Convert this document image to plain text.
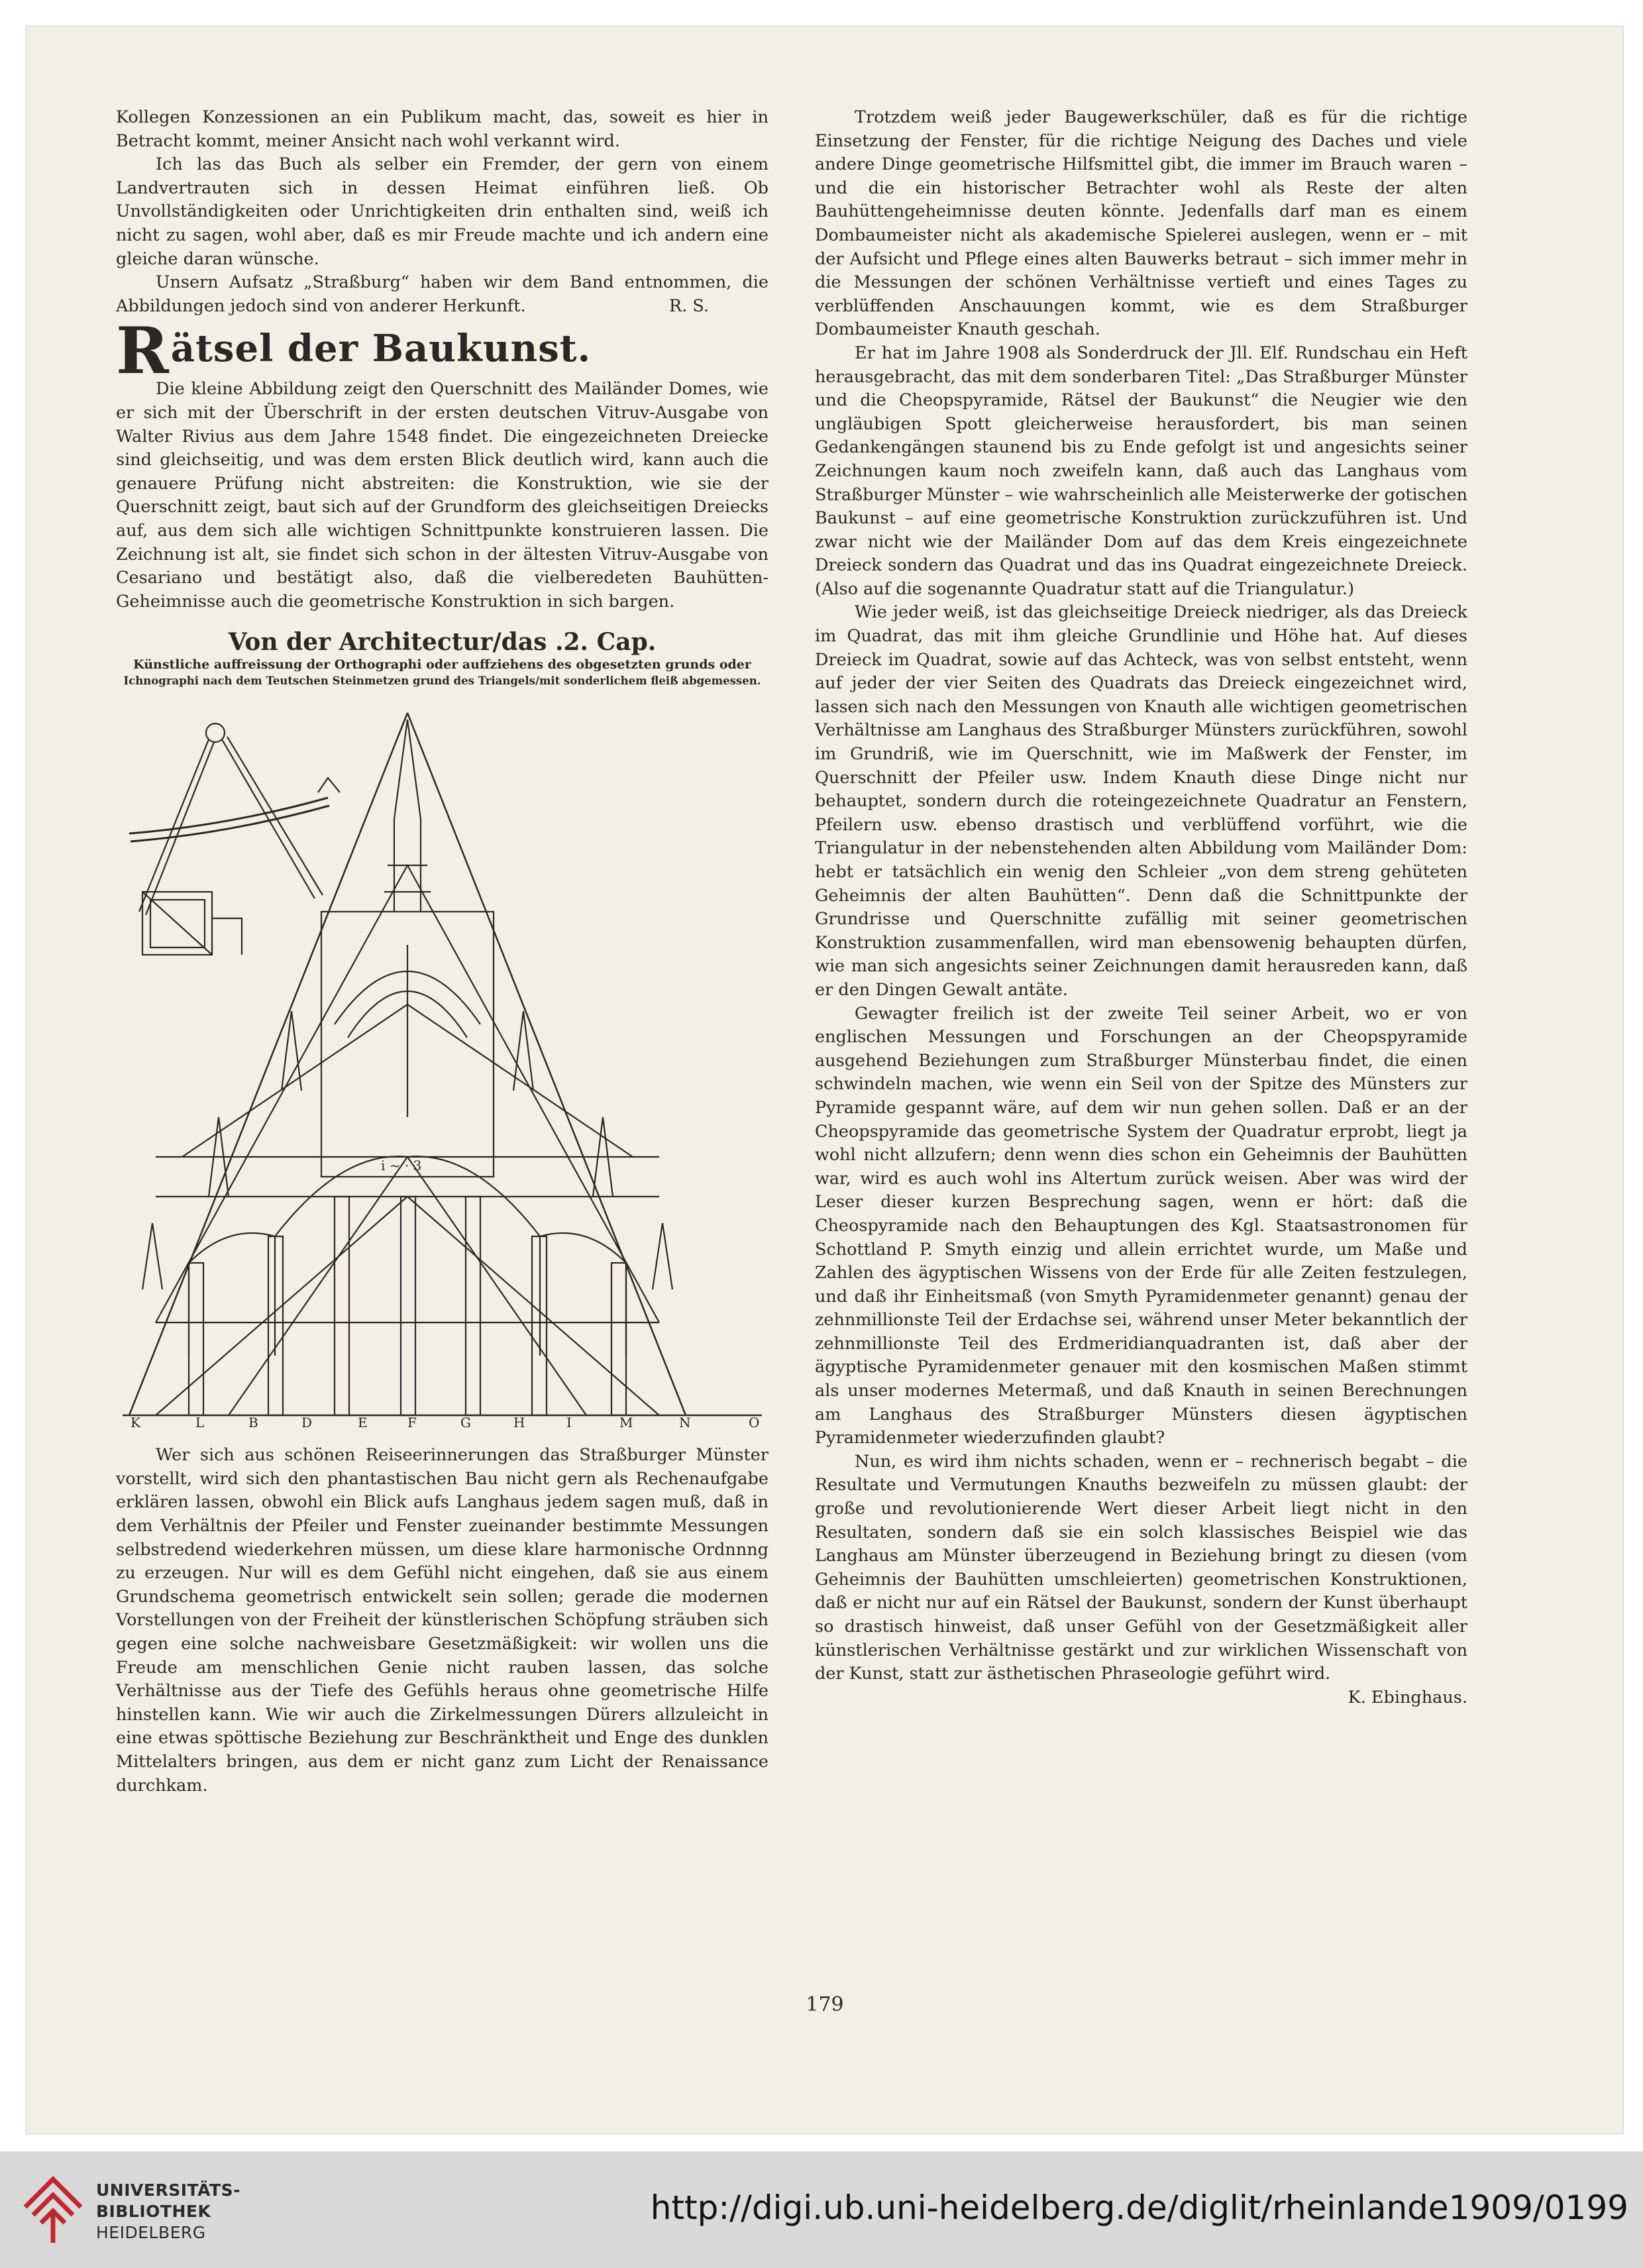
Kollegen Konzessionen an ein Publikum macht, das, soweit es hier in Betracht kommt, meiner Ansicht nach wohl verkannt wird.

Ich las das Buch als selber ein Fremder, der gern von einem Landvertrauten sich in dessen Heimat einführen ließ. Ob Unvollständigkeiten oder Unrichtigkeiten drin enthalten sind, weiß ich nicht zu sagen, wohl aber, daß es mir Freude machte und ich andern eine gleiche daran wünsche.

Unsern Aufsatz „Straßburg“ haben wir dem Band entnommen, die Abbildungen jedoch sind von anderer Herkunft.	R. S.

Rätsel der Baukunst.

Die kleine Abbildung zeigt den Querschnitt des Mailänder Domes, wie er sich mit der Überschrift in der ersten deutschen Vitruv-Ausgabe von Walter Rivius aus dem Jahre 1548 findet. Die eingezeichneten Dreiecke sind gleichseitig, und was dem ersten Blick deutlich wird, kann auch die genauere Prüfung nicht abstreiten: die Konstruktion, wie sie der Querschnitt zeigt, baut sich auf der Grundform des gleichseitigen Dreiecks auf, aus dem sich alle wichtigen Schnittpunkte konstruieren lassen. Die Zeichnung ist alt, sie findet sich schon in der ältesten Vitruv-Ausgabe von Cesariano und bestätigt also, daß die vielberedeten Bauhütten-Geheimnisse auch die geometrische Konstruktion in sich bargen.

Von der Architectur/das .2. Cap.
Künstliche auffreissung der Orthographi oder auffziehens des obgesetzten grunds oder
Ichnographi nach dem Teutschen Steinmetzen grund des Triangels/mit sonderlichem fleiß abgemessen.
K	L	B	D	E	F	G	H	I	M	N	O
i ~ · 3

Wer sich aus schönen Reiseerinnerungen das Straßburger Münster vorstellt, wird sich den phantastischen Bau nicht gern als Rechenaufgabe erklären lassen, obwohl ein Blick aufs Langhaus jedem sagen muß, daß in dem Verhältnis der Pfeiler und Fenster zueinander bestimmte Messungen selbstredend wiederkehren müssen, um diese klare harmonische Ordnnng zu erzeugen. Nur will es dem Gefühl nicht eingehen, daß sie aus einem Grundschema geometrisch entwickelt sein sollen; gerade die modernen Vorstellungen von der Freiheit der künstlerischen Schöpfung sträuben sich gegen eine solche nachweisbare Gesetzmäßigkeit: wir wollen uns die Freude am menschlichen Genie nicht rauben lassen, das solche Verhältnisse aus der Tiefe des Gefühls heraus ohne geometrische Hilfe hinstellen kann. Wie wir auch die Zirkelmessungen Dürers allzuleicht in eine etwas spöttische Beziehung zur Beschränktheit und Enge des dunklen Mittelalters bringen, aus dem er nicht ganz zum Licht der Renaissance durchkam.

Trotzdem weiß jeder Baugewerkschüler, daß es für die richtige Einsetzung der Fenster, für die richtige Neigung des Daches und viele andere Dinge geometrische Hilfsmittel gibt, die immer im Brauch waren – und die ein historischer Betrachter wohl als Reste der alten Bauhüttengeheimnisse deuten könnte. Jedenfalls darf man es einem Dombaumeister nicht als akademische Spielerei auslegen, wenn er – mit der Aufsicht und Pflege eines alten Bauwerks betraut – sich immer mehr in die Messungen der schönen Verhältnisse vertieft und eines Tages zu verblüffenden Anschauungen kommt, wie es dem Straßburger Dombaumeister Knauth geschah.

Er hat im Jahre 1908 als Sonderdruck der Jll. Elf. Rundschau ein Heft herausgebracht, das mit dem sonderbaren Titel: „Das Straßburger Münster und die Cheopspyramide, Rätsel der Baukunst“ die Neugier wie den ungläubigen Spott gleicherweise herausfordert, bis man seinen Gedankengängen staunend bis zu Ende gefolgt ist und angesichts seiner Zeichnungen kaum noch zweifeln kann, daß auch das Langhaus vom Straßburger Münster – wie wahrscheinlich alle Meisterwerke der gotischen Baukunst – auf eine geometrische Konstruktion zurückzuführen ist. Und zwar nicht wie der Mailänder Dom auf das dem Kreis eingezeichnete Dreieck sondern das Quadrat und das ins Quadrat eingezeichnete Dreieck. (Also auf die sogenannte Quadratur statt auf die Triangulatur.)

Wie jeder weiß, ist das gleichseitige Dreieck niedriger, als das Dreieck im Quadrat, das mit ihm gleiche Grundlinie und Höhe hat. Auf dieses Dreieck im Quadrat, sowie auf das Achteck, was von selbst entsteht, wenn auf jeder der vier Seiten des Quadrats das Dreieck eingezeichnet wird, lassen sich nach den Messungen von Knauth alle wichtigen geometrischen Verhältnisse am Langhaus des Straßburger Münsters zurückführen, sowohl im Grundriß, wie im Querschnitt, wie im Maßwerk der Fenster, im Querschnitt der Pfeiler usw. Indem Knauth diese Dinge nicht nur behauptet, sondern durch die roteingezeichnete Quadratur an Fenstern, Pfeilern usw. ebenso drastisch und verblüffend vorführt, wie die Triangulatur in der nebenstehenden alten Abbildung vom Mailänder Dom: hebt er tatsächlich ein wenig den Schleier „von dem streng gehüteten Geheimnis der alten Bauhütten“. Denn daß die Schnittpunkte der Grundrisse und Querschnitte zufällig mit seiner geometrischen Konstruktion zusammenfallen, wird man ebensowenig behaupten dürfen, wie man sich angesichts seiner Zeichnungen damit herausreden kann, daß er den Dingen Gewalt antäte.

Gewagter freilich ist der zweite Teil seiner Arbeit, wo er von englischen Messungen und Forschungen an der Cheopspyramide ausgehend Beziehungen zum Straßburger Münsterbau findet, die einen schwindeln machen, wie wenn ein Seil von der Spitze des Münsters zur Pyramide gespannt wäre, auf dem wir nun gehen sollen. Daß er an der Cheopspyramide das geometrische System der Quadratur erprobt, liegt ja wohl nicht allzufern; denn wenn dies schon ein Geheimnis der Bauhütten war, wird es auch wohl ins Altertum zurück weisen. Aber was wird der Leser dieser kurzen Besprechung sagen, wenn er hört: daß die Cheospyramide nach den Behauptungen des Kgl. Staatsastronomen für Schottland P. Smyth einzig und allein errichtet wurde, um Maße und Zahlen des ägyptischen Wissens von der Erde für alle Zeiten festzulegen, und daß ihr Einheitsmaß (von Smyth Pyramidenmeter genannt) genau der zehnmillionste Teil der Erdachse sei, während unser Meter bekanntlich der zehnmillionste Teil des Erdmeridianquadranten ist, daß aber der ägyptische Pyramidenmeter genauer mit den kosmischen Maßen stimmt als unser modernes Metermaß, und daß Knauth in seinen Berechnungen am Langhaus des Straßburger Münsters diesen ägyptischen Pyramidenmeter wiederzufinden glaubt?

Nun, es wird ihm nichts schaden, wenn er – rechnerisch begabt – die Resultate und Vermutungen Knauths bezweifeln zu müssen glaubt: der große und revolutionierende Wert dieser Arbeit liegt nicht in den Resultaten, sondern daß sie ein solch klassisches Beispiel wie das Langhaus am Münster überzeugend in Beziehung bringt zu diesen (vom Geheimnis der Bauhütten umschleierten) geometrischen Konstruktionen, daß er nicht nur auf ein Rätsel der Baukunst, sondern der Kunst überhaupt so drastisch hinweist, daß unser Gefühl von der Gesetzmäßigkeit aller künstlerischen Verhältnisse gestärkt und zur wirklichen Wissenschaft von der Kunst, statt zur ästhetischen Phraseologie geführt wird.

K. Ebinghaus.

179
UNIVERSITÄTS-
BIBLIOTHEK
HEIDELBERG
http://digi.ub.uni-heidelberg.de/diglit/rheinlande1909/0199
